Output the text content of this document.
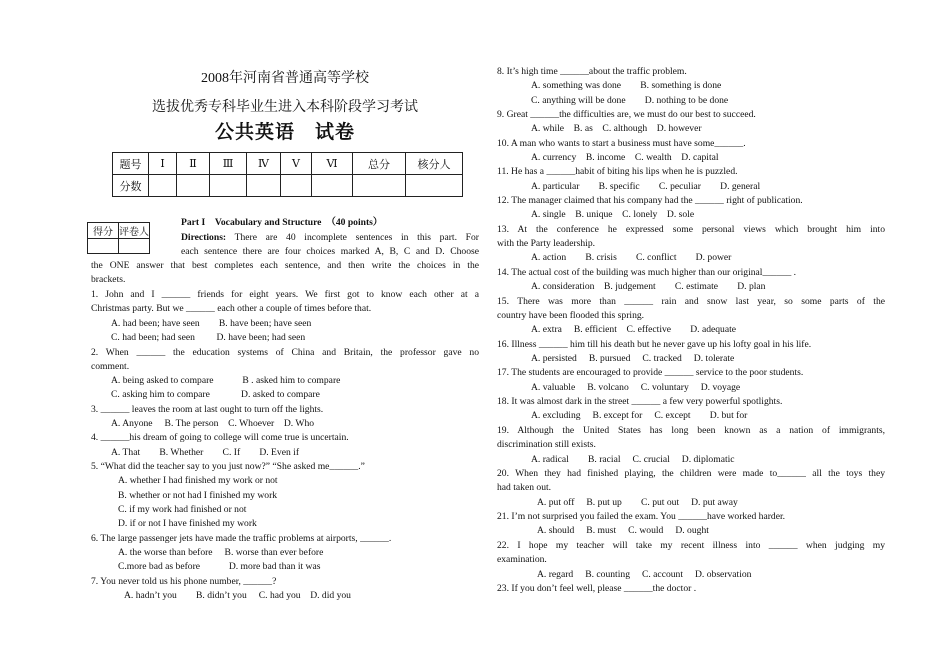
2008年河南省普通高等学校
选拔优秀专科毕业生进入本科阶段学习考试
公共英语　试卷
题号	Ⅰ	Ⅱ	Ⅲ	Ⅳ	Ⅴ	Ⅵ	总分	核分人
分数								
得分	评卷人

Part I　Vocabulary and Structure　（40 points）
Directions: There are 40 incomplete sentences in this part. For
each sentence there are four choices marked A, B, C and D. Choose
the ONE answer that best completes each sentence, and then write the choices in the
brackets.
1. John and I ______ friends for eight years. We first got to know each other at a
Christmas party. But we ______ each other a couple of times before that.
A. had been; have seen　　B. have been; have seen
C. had been; had seen　　 D. have been; had seen
2. When ______ the education systems of China and Britain, the professor gave no
comment.
A. being asked to compare　　　B . asked him to compare
C. asking him to compare　　　 D. asked to compare
3. ______ leaves the room at last ought to turn off the lights.
A. Anyone　 B. The person　C. Whoever　D. Who
4. ______his dream of going to college will come true is uncertain.
A. That　　B. Whether　　C. If　　D. Even if
5. “What did the teacher say to you just now?” “She asked me______.”
A. whether I had finished my work or not
B. whether or not had I finished my work
C. if my work had finished or not
D. if or not I have finished my work
6. The large passenger jets have made the traffic problems at airports, ______.
A. the worse than before　 B. worse than ever before
C.more bad as before　　　D. more bad than it was
7. You never told us his phone number, ______?
A. hadn’t you　　B. didn’t you　 C. had you　D. did you
8. It’s high time ______about the traffic problem.
A. something was done　　B. something is done
C. anything will be done　　D. nothing to be done
9. Great ______the difficulties are, we must do our best to succeed.
A. while　B. as　C. although　D. however
10. A man who wants to start a business must have some______.
A. currency　B. income　C. wealth　D. capital
11. He has a ______habit of biting his lips when he is puzzled.
A. particular　　B. specific　　C. peculiar　　D. general
12. The manager claimed that his company had the ______ right of publication.
A. single　B. unique　C. lonely　D. sole
13. At the conference he expressed some personal views which brought him into
with the Party leadership.
A. action　　B. crisis　　C. conflict　　D. power
14. The actual cost of the building was much higher than our original______ .
A. consideration　B. judgement　　C. estimate　　D. plan
15. There was more than ______ rain and snow last year, so some parts of the
country have been flooded this spring.
A. extra　 B. efficient　C. effective　　D. adequate
16. Illness ______ him till his death but he never gave up his lofty goal in his life.
A. persisted　 B. pursued　 C. tracked　 D. tolerate
17. The students are encouraged to provide ______ service to the poor students.
A. valuable　 B. volcano　 C. voluntary　 D. voyage
18. It was almost dark in the street ______ a few very powerful spotlights.
A. excluding　 B. except for　 C. except　　D. but for
19. Although the United States has long been known as a nation of immigrants,
discrimination still exists.
A. radical　　B. racial　 C. crucial　 D. diplomatic
20. When they had finished playing, the children were made to______ all the toys they
had taken out.
A. put off　 B. put up　　C. put out　 D. put away
21. I’m not surprised you failed the exam. You ______have worked harder.
A. should　 B. must　 C. would　 D. ought
22. I hope my teacher will take my recent illness into ______ when judging my
examination.
A. regard　 B. counting　 C. account　 D. observation
23. If you don’t feel well, please ______the doctor .
